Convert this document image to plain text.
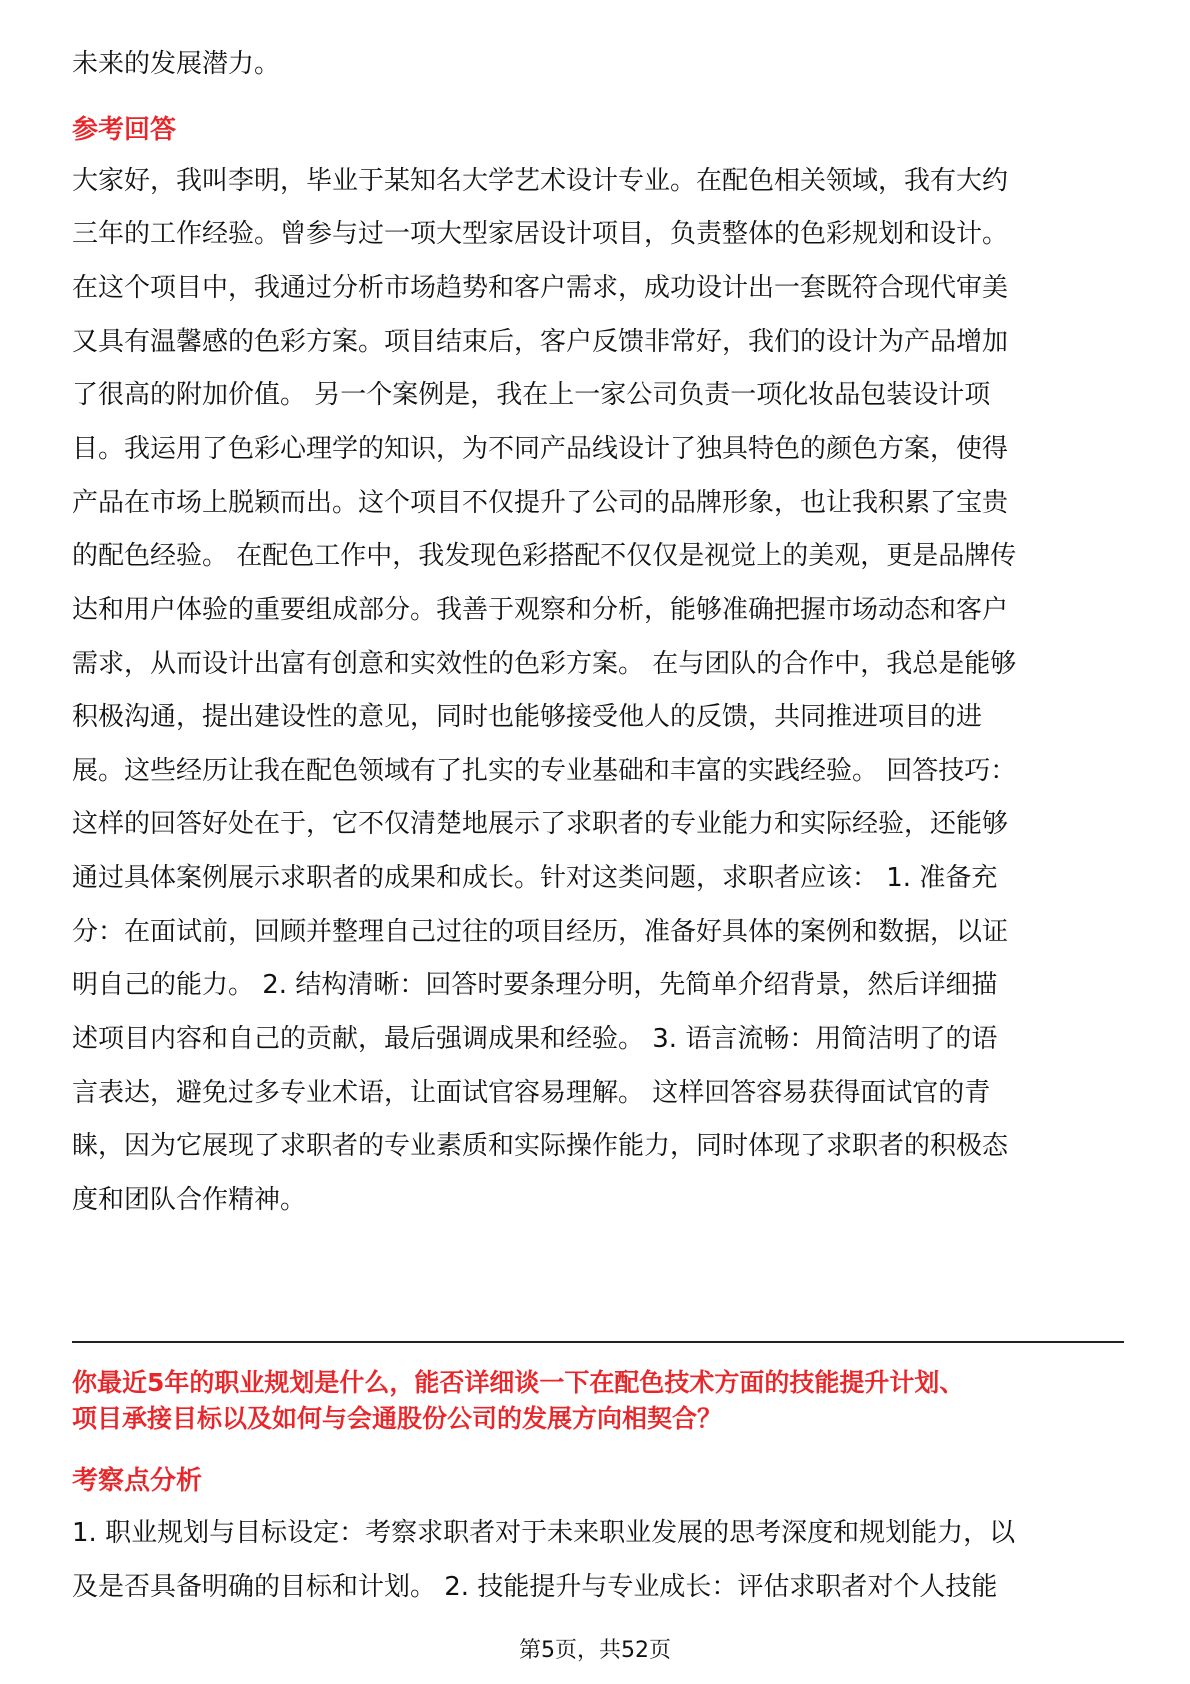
未来的发展潜力。
参考回答
大家好，我叫李明，毕业于某知名大学艺术设计专业。在配色相关领域，我有大约
三年的工作经验。曾参与过一项大型家居设计项目，负责整体的色彩规划和设计。
在这个项目中，我通过分析市场趋势和客户需求，成功设计出一套既符合现代审美
又具有温馨感的色彩方案。项目结束后，客户反馈非常好，我们的设计为产品增加
了很高的附加价值。 另一个案例是，我在上一家公司负责一项化妆品包装设计项
目。我运用了色彩心理学的知识，为不同产品线设计了独具特色的颜色方案，使得
产品在市场上脱颖而出。这个项目不仅提升了公司的品牌形象，也让我积累了宝贵
的配色经验。 在配色工作中，我发现色彩搭配不仅仅是视觉上的美观，更是品牌传
达和用户体验的重要组成部分。我善于观察和分析，能够准确把握市场动态和客户
需求，从而设计出富有创意和实效性的色彩方案。 在与团队的合作中，我总是能够
积极沟通，提出建设性的意见，同时也能够接受他人的反馈，共同推进项目的进
展。这些经历让我在配色领域有了扎实的专业基础和丰富的实践经验。 回答技巧：
这样的回答好处在于，它不仅清楚地展示了求职者的专业能力和实际经验，还能够
通过具体案例展示求职者的成果和成长。针对这类问题，求职者应该： 1. 准备充
分：在面试前，回顾并整理自己过往的项目经历，准备好具体的案例和数据，以证
明自己的能力。 2. 结构清晰：回答时要条理分明，先简单介绍背景，然后详细描
述项目内容和自己的贡献，最后强调成果和经验。 3. 语言流畅：用简洁明了的语
言表达，避免过多专业术语，让面试官容易理解。 这样回答容易获得面试官的青
睐，因为它展现了求职者的专业素质和实际操作能力，同时体现了求职者的积极态
度和团队合作精神。
你最近5年的职业规划是什么，能否详细谈一下在配色技术方面的技能提升计划、
项目承接目标以及如何与会通股份公司的发展方向相契合？
考察点分析
1. 职业规划与目标设定：考察求职者对于未来职业发展的思考深度和规划能力，以
及是否具备明确的目标和计划。 2. 技能提升与专业成长：评估求职者对个人技能
第5页，共52页
